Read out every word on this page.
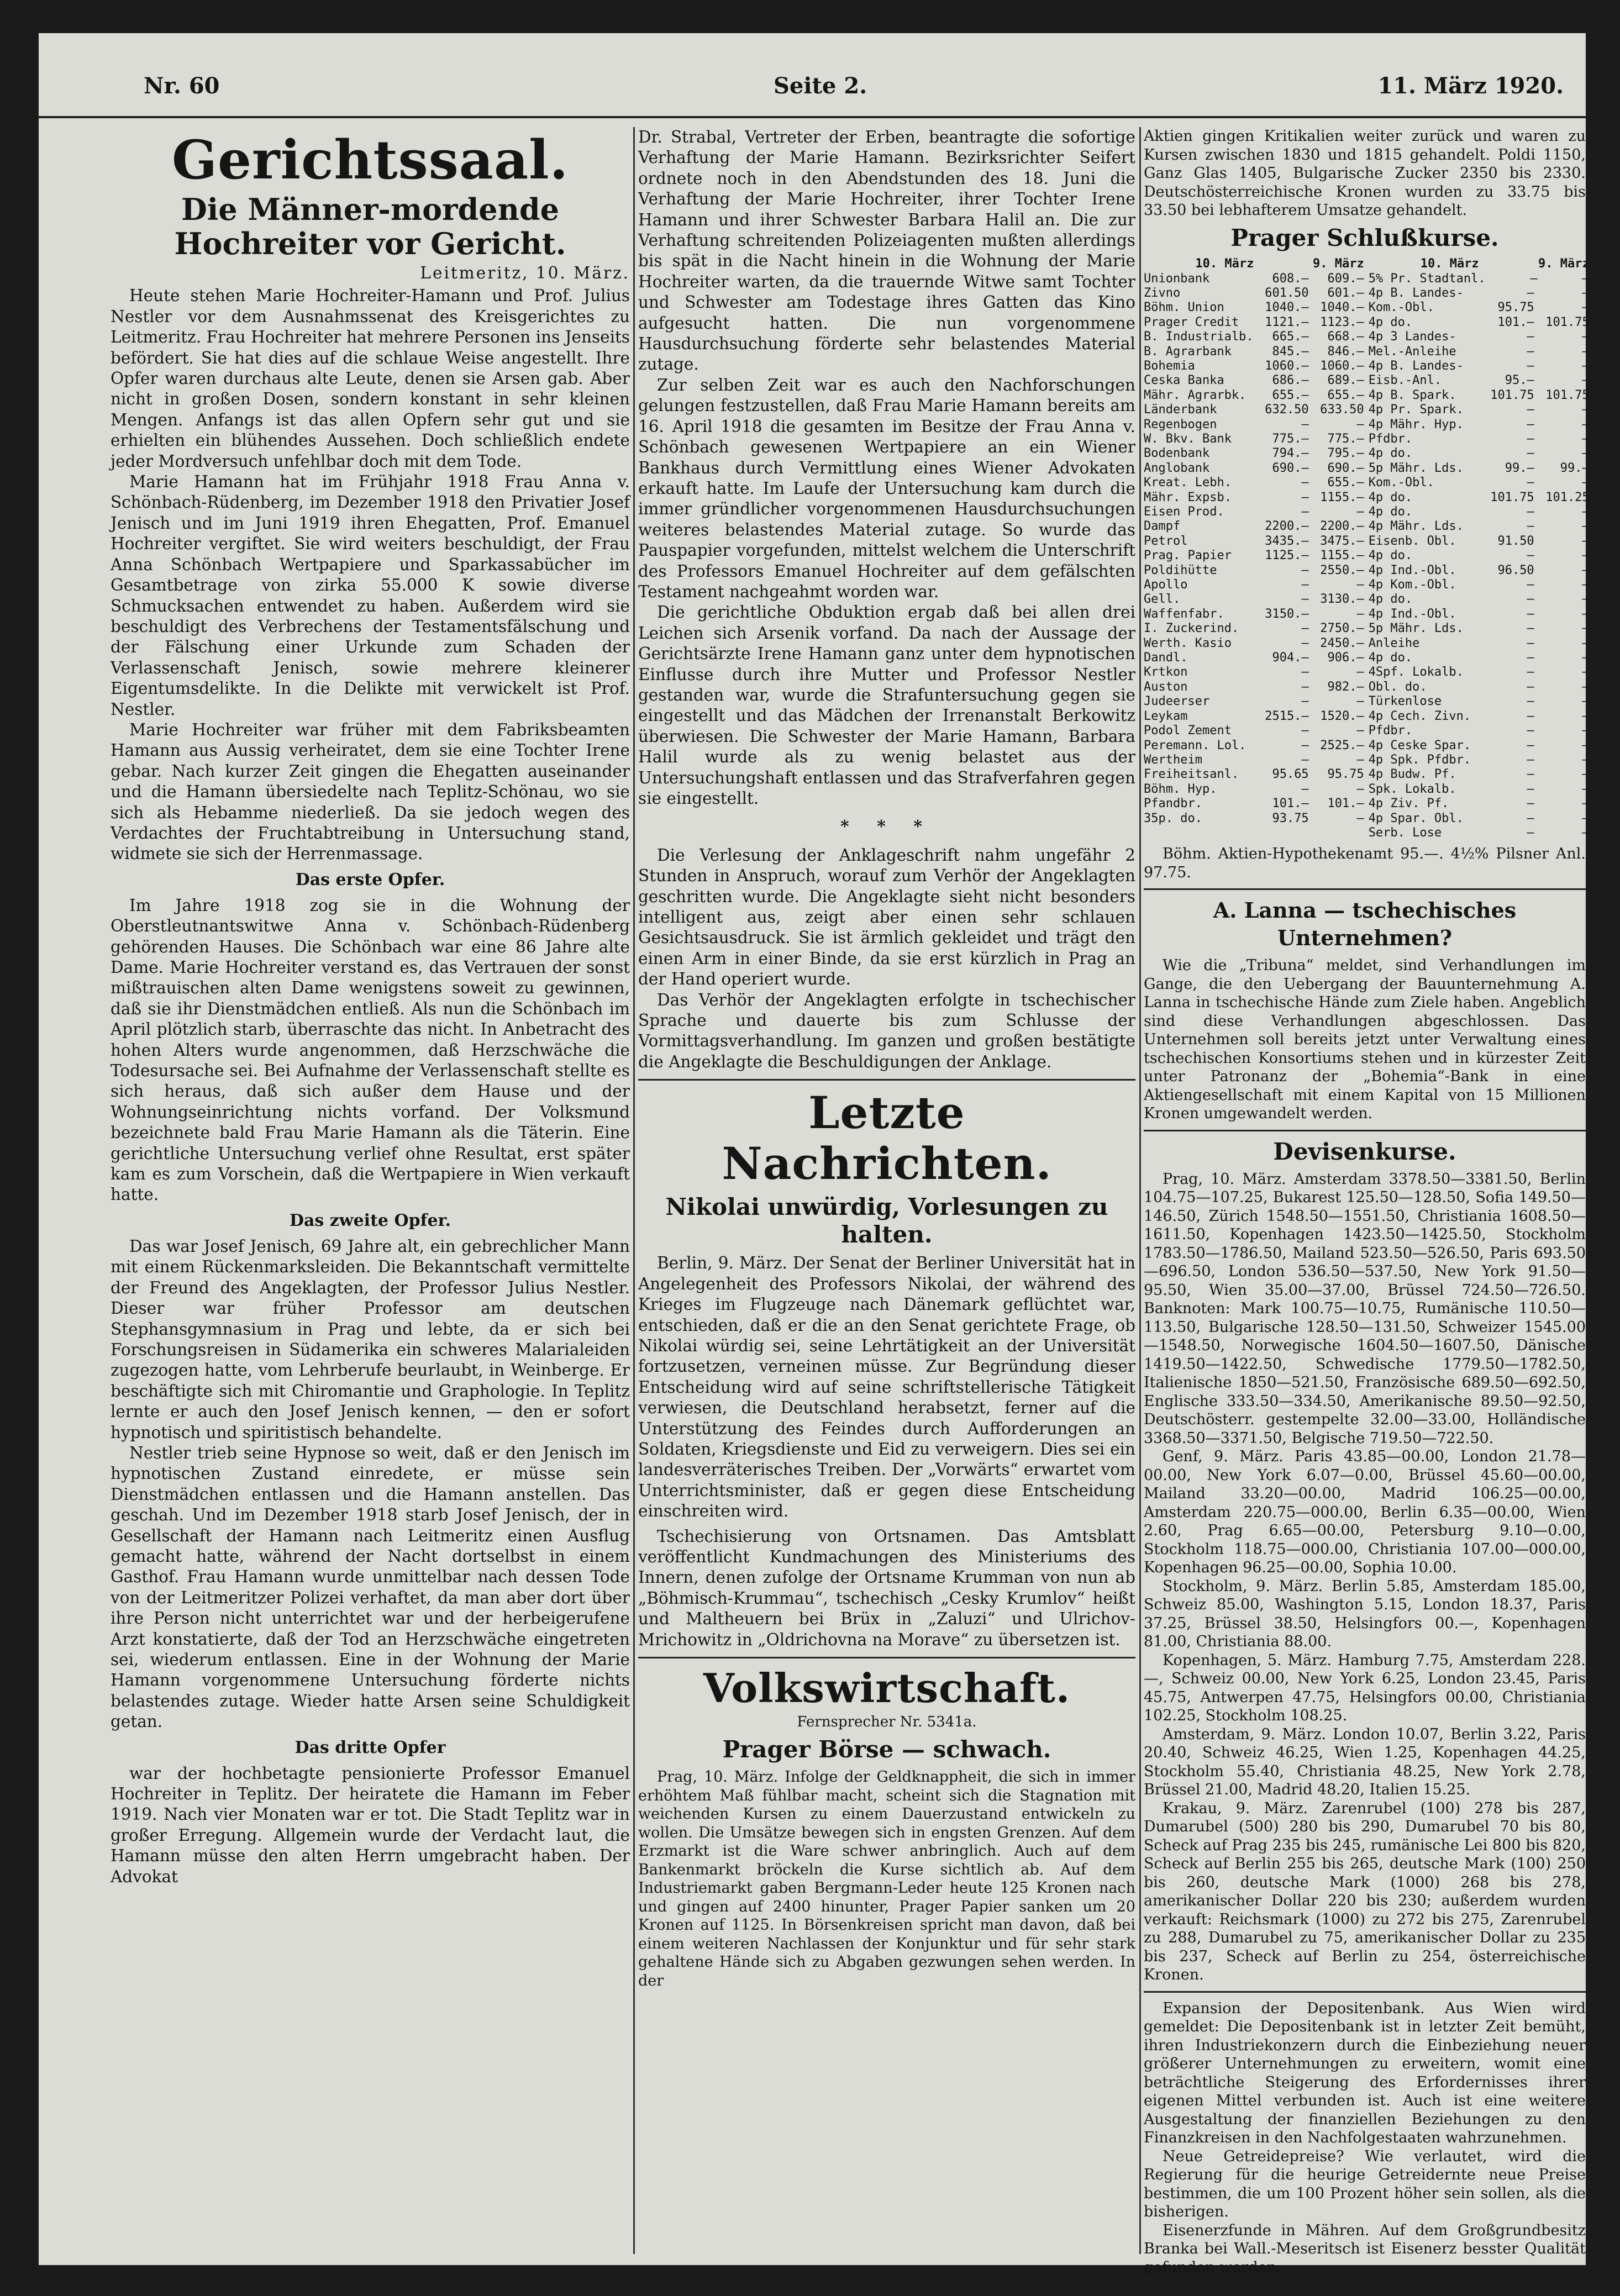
Nr. 60	Seite 2.	11. März 1920.
Gerichtssaal.
Die Männer-mordende Hochreiter vor Gericht.
Leitmeritz, 10. März.

Heute stehen Marie Hochreiter-Hamann und Prof. Julius Nestler vor dem Ausnahmssenat des Kreisgerichtes zu Leitmeritz. Frau Hochreiter hat mehrere Personen ins Jenseits befördert. Sie hat dies auf die schlaue Weise angestellt. Ihre Opfer waren durchaus alte Leute, denen sie Arsen gab. Aber nicht in großen Dosen, sondern konstant in sehr kleinen Mengen. Anfangs ist das allen Opfern sehr gut und sie erhielten ein blühendes Aussehen. Doch schließlich endete jeder Mordversuch unfehlbar doch mit dem Tode.

Marie Hamann hat im Frühjahr 1918 Frau Anna v. Schönbach-Rüdenberg, im Dezember 1918 den Privatier Josef Jenisch und im Juni 1919 ihren Ehegatten, Prof. Emanuel Hochreiter vergiftet. Sie wird weiters beschuldigt, der Frau Anna Schönbach Wertpapiere und Sparkassabücher im Gesamtbetrage von zirka 55.000 K sowie diverse Schmucksachen entwendet zu haben. Außerdem wird sie beschuldigt des Verbrechens der Testamentsfälschung und der Fälschung einer Urkunde zum Schaden der Verlassenschaft Jenisch, sowie mehrere kleinerer Eigentumsdelikte. In die Delikte mit verwickelt ist Prof. Nestler.

Marie Hochreiter war früher mit dem Fabriksbeamten Hamann aus Aussig verheiratet, dem sie eine Tochter Irene gebar. Nach kurzer Zeit gingen die Ehegatten auseinander und die Hamann übersiedelte nach Teplitz-Schönau, wo sie sich als Hebamme niederließ. Da sie jedoch wegen des Verdachtes der Fruchtabtreibung in Untersuchung stand, widmete sie sich der Herrenmassage.

Das erste Opfer.

Im Jahre 1918 zog sie in die Wohnung der Oberstleutnantswitwe Anna v. Schönbach-Rüdenberg gehörenden Hauses. Die Schönbach war eine 86 Jahre alte Dame. Marie Hochreiter verstand es, das Vertrauen der sonst mißtrauischen alten Dame wenigstens soweit zu gewinnen, daß sie ihr Dienstmädchen entließ. Als nun die Schönbach im April plötzlich starb, überraschte das nicht. In Anbetracht des hohen Alters wurde angenommen, daß Herzschwäche die Todesursache sei. Bei Aufnahme der Verlassenschaft stellte es sich heraus, daß sich außer dem Hause und der Wohnungseinrichtung nichts vorfand. Der Volksmund bezeichnete bald Frau Marie Hamann als die Täterin. Eine gerichtliche Untersuchung verlief ohne Resultat, erst später kam es zum Vorschein, daß die Wertpapiere in Wien verkauft hatte.

Das zweite Opfer.

Das war Josef Jenisch, 69 Jahre alt, ein gebrechlicher Mann mit einem Rückenmarksleiden. Die Bekanntschaft vermittelte der Freund des Angeklagten, der Professor Julius Nestler. Dieser war früher Professor am deutschen Stephansgymnasium in Prag und lebte, da er sich bei Forschungsreisen in Südamerika ein schweres Malarialeiden zugezogen hatte, vom Lehrberufe beurlaubt, in Weinberge. Er beschäftigte sich mit Chiromantie und Graphologie. In Teplitz lernte er auch den Josef Jenisch kennen, — den er sofort hypnotisch und spiritistisch behandelte.

Nestler trieb seine Hypnose so weit, daß er den Jenisch im hypnotischen Zustand einredete, er müsse sein Dienstmädchen entlassen und die Hamann anstellen. Das geschah. Und im Dezember 1918 starb Josef Jenisch, der in Gesellschaft der Hamann nach Leitmeritz einen Ausflug gemacht hatte, während der Nacht dortselbst in einem Gasthof. Frau Hamann wurde unmittelbar nach dessen Tode von der Leitmeritzer Polizei verhaftet, da man aber dort über ihre Person nicht unterrichtet war und der herbeigerufene Arzt konstatierte, daß der Tod an Herzschwäche eingetreten sei, wiederum entlassen. Eine in der Wohnung der Marie Hamann vorgenommene Untersuchung förderte nichts belastendes zutage. Wieder hatte Arsen seine Schuldigkeit getan.

Das dritte Opfer

war der hochbetagte pensionierte Professor Emanuel Hochreiter in Teplitz. Der heiratete die Hamann im Feber 1919. Nach vier Monaten war er tot. Die Stadt Teplitz war in großer Erregung. Allgemein wurde der Verdacht laut, die Hamann müsse den alten Herrn umgebracht haben. Der Advokat

Dr. Strabal, Vertreter der Erben, beantragte die sofortige Verhaftung der Marie Hamann. Bezirksrichter Seifert ordnete noch in den Abendstunden des 18. Juni die Verhaftung der Marie Hochreiter, ihrer Tochter Irene Hamann und ihrer Schwester Barbara Halil an. Die zur Verhaftung schreitenden Polizeiagenten mußten allerdings bis spät in die Nacht hinein in die Wohnung der Marie Hochreiter warten, da die trauernde Witwe samt Tochter und Schwester am Todestage ihres Gatten das Kino aufgesucht hatten. Die nun vorgenommene Hausdurchsuchung förderte sehr belastendes Material zutage.

Zur selben Zeit war es auch den Nachforschungen gelungen festzustellen, daß Frau Marie Hamann bereits am 16. April 1918 die gesamten im Besitze der Frau Anna v. Schönbach gewesenen Wertpapiere an ein Wiener Bankhaus durch Vermittlung eines Wiener Advokaten erkauft hatte. Im Laufe der Untersuchung kam durch die immer gründlicher vorgenommenen Hausdurchsuchungen weiteres belastendes Material zutage. So wurde das Pauspapier vorgefunden, mittelst welchem die Unterschrift des Professors Emanuel Hochreiter auf dem gefälschten Testament nachgeahmt worden war.

Die gerichtliche Obduktion ergab daß bei allen drei Leichen sich Arsenik vorfand. Da nach der Aussage der Gerichtsärzte Irene Hamann ganz unter dem hypnotischen Einflusse durch ihre Mutter und Professor Nestler gestanden war, wurde die Strafuntersuchung gegen sie eingestellt und das Mädchen der Irrenanstalt Berkowitz überwiesen. Die Schwester der Marie Hamann, Barbara Halil wurde als zu wenig belastet aus der Untersuchungshaft entlassen und das Strafverfahren gegen sie eingestellt.

* * *

Die Verlesung der Anklageschrift nahm ungefähr 2 Stunden in Anspruch, worauf zum Verhör der Angeklagten geschritten wurde. Die Angeklagte sieht nicht besonders intelligent aus, zeigt aber einen sehr schlauen Gesichtsausdruck. Sie ist ärmlich gekleidet und trägt den einen Arm in einer Binde, da sie erst kürzlich in Prag an der Hand operiert wurde.

Das Verhör der Angeklagten erfolgte in tschechischer Sprache und dauerte bis zum Schlusse der Vormittagsverhandlung. Im ganzen und großen bestätigte die Angeklagte die Beschuldigungen der Anklage.

Letzte Nachrichten.
Nikolai unwürdig, Vorlesungen zu halten.

Berlin, 9. März. Der Senat der Berliner Universität hat in Angelegenheit des Professors Nikolai, der während des Krieges im Flugzeuge nach Dänemark geflüchtet war, entschieden, daß er die an den Senat gerichtete Frage, ob Nikolai würdig sei, seine Lehrtätigkeit an der Universität fortzusetzen, verneinen müsse. Zur Begründung dieser Entscheidung wird auf seine schriftstellerische Tätigkeit verwiesen, die Deutschland herabsetzt, ferner auf die Unterstützung des Feindes durch Aufforderungen an Soldaten, Kriegsdienste und Eid zu verweigern. Dies sei ein landesverräterisches Treiben. Der „Vorwärts“ erwartet vom Unterrichtsminister, daß er gegen diese Entscheidung einschreiten wird.

Tschechisierung von Ortsnamen. Das Amtsblatt veröffentlicht Kundmachungen des Ministeriums des Innern, denen zufolge der Ortsname Krumman von nun ab „Böhmisch-Krummau“, tschechisch „Cesky Krumlov“ heißt und Maltheuern bei Brüx in „Zaluzi“ und Ulrichov-Mrichowitz in „Oldrichovna na Morave“ zu übersetzen ist.

Volkswirtschaft.
Fernsprecher Nr. 5341a.
Prager Börse — schwach.

Prag, 10. März. Infolge der Geldknappheit, die sich in immer erhöhtem Maß fühlbar macht, scheint sich die Stagnation mit weichenden Kursen zu einem Dauerzustand entwickeln zu wollen. Die Umsätze bewegen sich in engsten Grenzen. Auf dem Erzmarkt ist die Ware schwer anbringlich. Auch auf dem Bankenmarkt bröckeln die Kurse sichtlich ab. Auf dem Industriemarkt gaben Bergmann-Leder heute 125 Kronen nach und gingen auf 2400 hinunter, Prager Papier sanken um 20 Kronen auf 1125. In Börsenkreisen spricht man davon, daß bei einem weiteren Nachlassen der Konjunktur und für sehr stark gehaltene Hände sich zu Abgaben gezwungen sehen werden. In der

Aktien gingen Kritikalien weiter zurück und waren zu Kursen zwischen 1830 und 1815 gehandelt. Poldi 1150, Ganz Glas 1405, Bulgarische Zucker 2350 bis 2330. Deutschösterreichische Kronen wurden zu 33.75 bis 33.50 bei lebhafterem Umsatze gehandelt.

Prager Schlußkurse.
10. März	9. März
Unionbank	608.—	609.—
Zivno	601.50	601.—
Böhm. Union	1040.— 1040.—
Prager Credit	1121.— 1123.—
B. Industrialb.	665.—	668.—
B. Agrarbank	845.—	846.—
Bohemia	1060.— 1060.—
Ceska Banka	686.—	689.—
Mähr. Agrarbk.	655.—	655.—
Länderbank	632.50 633.50
Regenbogen	—	—
W. Bkv. Bank	775.—	775.—
Bodenbank	794.—	795.—
Anglobank	690.—	690.—
Kreat. Lebh.	—	655.—
Mähr. Expsb.	— 1155.—
Eisen Prod.	—	—
Dampf	2200.— 2200.—
Petrol	3435.— 3475.—
Prag. Papier	1125.— 1155.—
Poldihütte	— 2550.—
Apollo	—	—
Gell.	— 3130.—
Waffenfabr.	3150.—	—
I. Zuckerind.	— 2750.—
Werth. Kasio	— 2450.—
Dandl.	904.—	906.—
Krtkon	—	—
Auston	—	982.—
Judeerser	—	—
Leykam	2515.— 1520.—
Podol Zement	—	—
Peremann. Lol.	— 2525.—
Wertheim	—	—
Freiheitsanl.	95.65	95.75
Böhm. Hyp.	—	—
Pfandbr.	101.—	101.—
35p. do.	93.75	—
10. März	9. März
5% Pr. Stadtanl.	—	—
4p B. Landes-	—	—
Kom.-Obl.	95.75	—
4p do.	101.— 101.75
4p 3 Landes-	—	—
Mel.-Anleihe	—	—
4p B. Landes-	—	—
Eisb.-Anl.	95.—	—
4p B. Spark.	101.75 101.75
4p Pr. Spark.	—	—
4p Mähr. Hyp.	—	—
Pfdbr.	—	—
4p do.	—	—
5p Mähr. Lds.	99.—	99.—
Kom.-Obl.	—	—
4p do.	101.75 101.25
4p do.	—	—
4p Mähr. Lds.	—	—
Eisenb. Obl.	91.50	—
4p do.	—	—
4p Ind.-Obl.	96.50	—
4p Kom.-Obl.	—	—
4p do.	—	—
4p Ind.-Obl.	—	—
5p Mähr. Lds.	—	—
Anleihe	—	—
4p do.	—	—
4Spf. Lokalb.	—	—
Obl. do.	—	—
Türkenlose	—	—
4p Cech. Zivn.	—	—
Pfdbr.	—	—
4p Ceske Spar.	—	—
4p Spk. Pfdbr.	—	—
4p Budw. Pf.	—	—
Spk. Lokalb.	—	—
4p Ziv. Pf.	—	—
4p Spar. Obl.	—	—
Serb. Lose	—	—

Böhm. Aktien-Hypothekenamt 95.—. 4½% Pilsner Anl. 97.75.

A. Lanna — tschechisches Unternehmen?

Wie die „Tribuna“ meldet, sind Verhandlungen im Gange, die den Uebergang der Bauunternehmung A. Lanna in tschechische Hände zum Ziele haben. Angeblich sind diese Verhandlungen abgeschlossen. Das Unternehmen soll bereits jetzt unter Verwaltung eines tschechischen Konsortiums stehen und in kürzester Zeit unter Patronanz der „Bohemia“-Bank in eine Aktiengesellschaft mit einem Kapital von 15 Millionen Kronen umgewandelt werden.

Devisenkurse.

Prag, 10. März. Amsterdam 3378.50—3381.50, Berlin 104.75—107.25, Bukarest 125.50—128.50, Sofia 149.50—146.50, Zürich 1548.50—1551.50, Christiania 1608.50—1611.50, Kopenhagen 1423.50—1425.50, Stockholm 1783.50—1786.50, Mailand 523.50—526.50, Paris 693.50—696.50, London 536.50—537.50, New York 91.50—95.50, Wien 35.00—37.00, Brüssel 724.50—726.50. Banknoten: Mark 100.75—10.75, Rumänische 110.50—113.50, Bulgarische 128.50—131.50, Schweizer 1545.00—1548.50, Norwegische 1604.50—1607.50, Dänische 1419.50—1422.50, Schwedische 1779.50—1782.50, Italienische 1850—521.50, Französische 689.50—692.50, Englische 333.50—334.50, Amerikanische 89.50—92.50, Deutschösterr. gestempelte 32.00—33.00, Holländische 3368.50—3371.50, Belgische 719.50—722.50.

Genf, 9. März. Paris 43.85—00.00, London 21.78—00.00, New York 6.07—0.00, Brüssel 45.60—00.00, Mailand 33.20—00.00, Madrid 106.25—00.00, Amsterdam 220.75—000.00, Berlin 6.35—00.00, Wien 2.60, Prag 6.65—00.00, Petersburg 9.10—0.00, Stockholm 118.75—000.00, Christiania 107.00—000.00, Kopenhagen 96.25—00.00, Sophia 10.00.

Stockholm, 9. März. Berlin 5.85, Amsterdam 185.00, Schweiz 85.00, Washington 5.15, London 18.37, Paris 37.25, Brüssel 38.50, Helsingfors 00.—, Kopenhagen 81.00, Christiania 88.00.

Kopenhagen, 5. März. Hamburg 7.75, Amsterdam 228.—, Schweiz 00.00, New York 6.25, London 23.45, Paris 45.75, Antwerpen 47.75, Helsingfors 00.00, Christiania 102.25, Stockholm 108.25.

Amsterdam, 9. März. London 10.07, Berlin 3.22, Paris 20.40, Schweiz 46.25, Wien 1.25, Kopenhagen 44.25, Stockholm 55.40, Christiania 48.25, New York 2.78, Brüssel 21.00, Madrid 48.20, Italien 15.25.

Krakau, 9. März. Zarenrubel (100) 278 bis 287, Dumarubel (500) 280 bis 290, Dumarubel 70 bis 80, Scheck auf Prag 235 bis 245, rumänische Lei 800 bis 820, Scheck auf Berlin 255 bis 265, deutsche Mark (100) 250 bis 260, deutsche Mark (1000) 268 bis 278, amerikanischer Dollar 220 bis 230; außerdem wurden verkauft: Reichsmark (1000) zu 272 bis 275, Zarenrubel zu 288, Dumarubel zu 75, amerikanischer Dollar zu 235 bis 237, Scheck auf Berlin zu 254, österreichische Kronen.

Expansion der Depositenbank. Aus Wien wird gemeldet: Die Depositenbank ist in letzter Zeit bemüht, ihren Industriekonzern durch die Einbeziehung neuer größerer Unternehmungen zu erweitern, womit eine beträchtliche Steigerung des Erfordernisses ihrer eigenen Mittel verbunden ist. Auch ist eine weitere Ausgestaltung der finanziellen Beziehungen zu den Finanzkreisen in den Nachfolgestaaten wahrzunehmen.

Neue Getreidepreise? Wie verlautet, wird die Regierung für die heurige Getreidernte neue Preise bestimmen, die um 100 Prozent höher sein sollen, als die bisherigen.

Eisenerzfunde in Mähren. Auf dem Großgrundbesitz Branka bei Wall.-Meseritsch ist Eisenerz besster Qualität gefunden worden.
